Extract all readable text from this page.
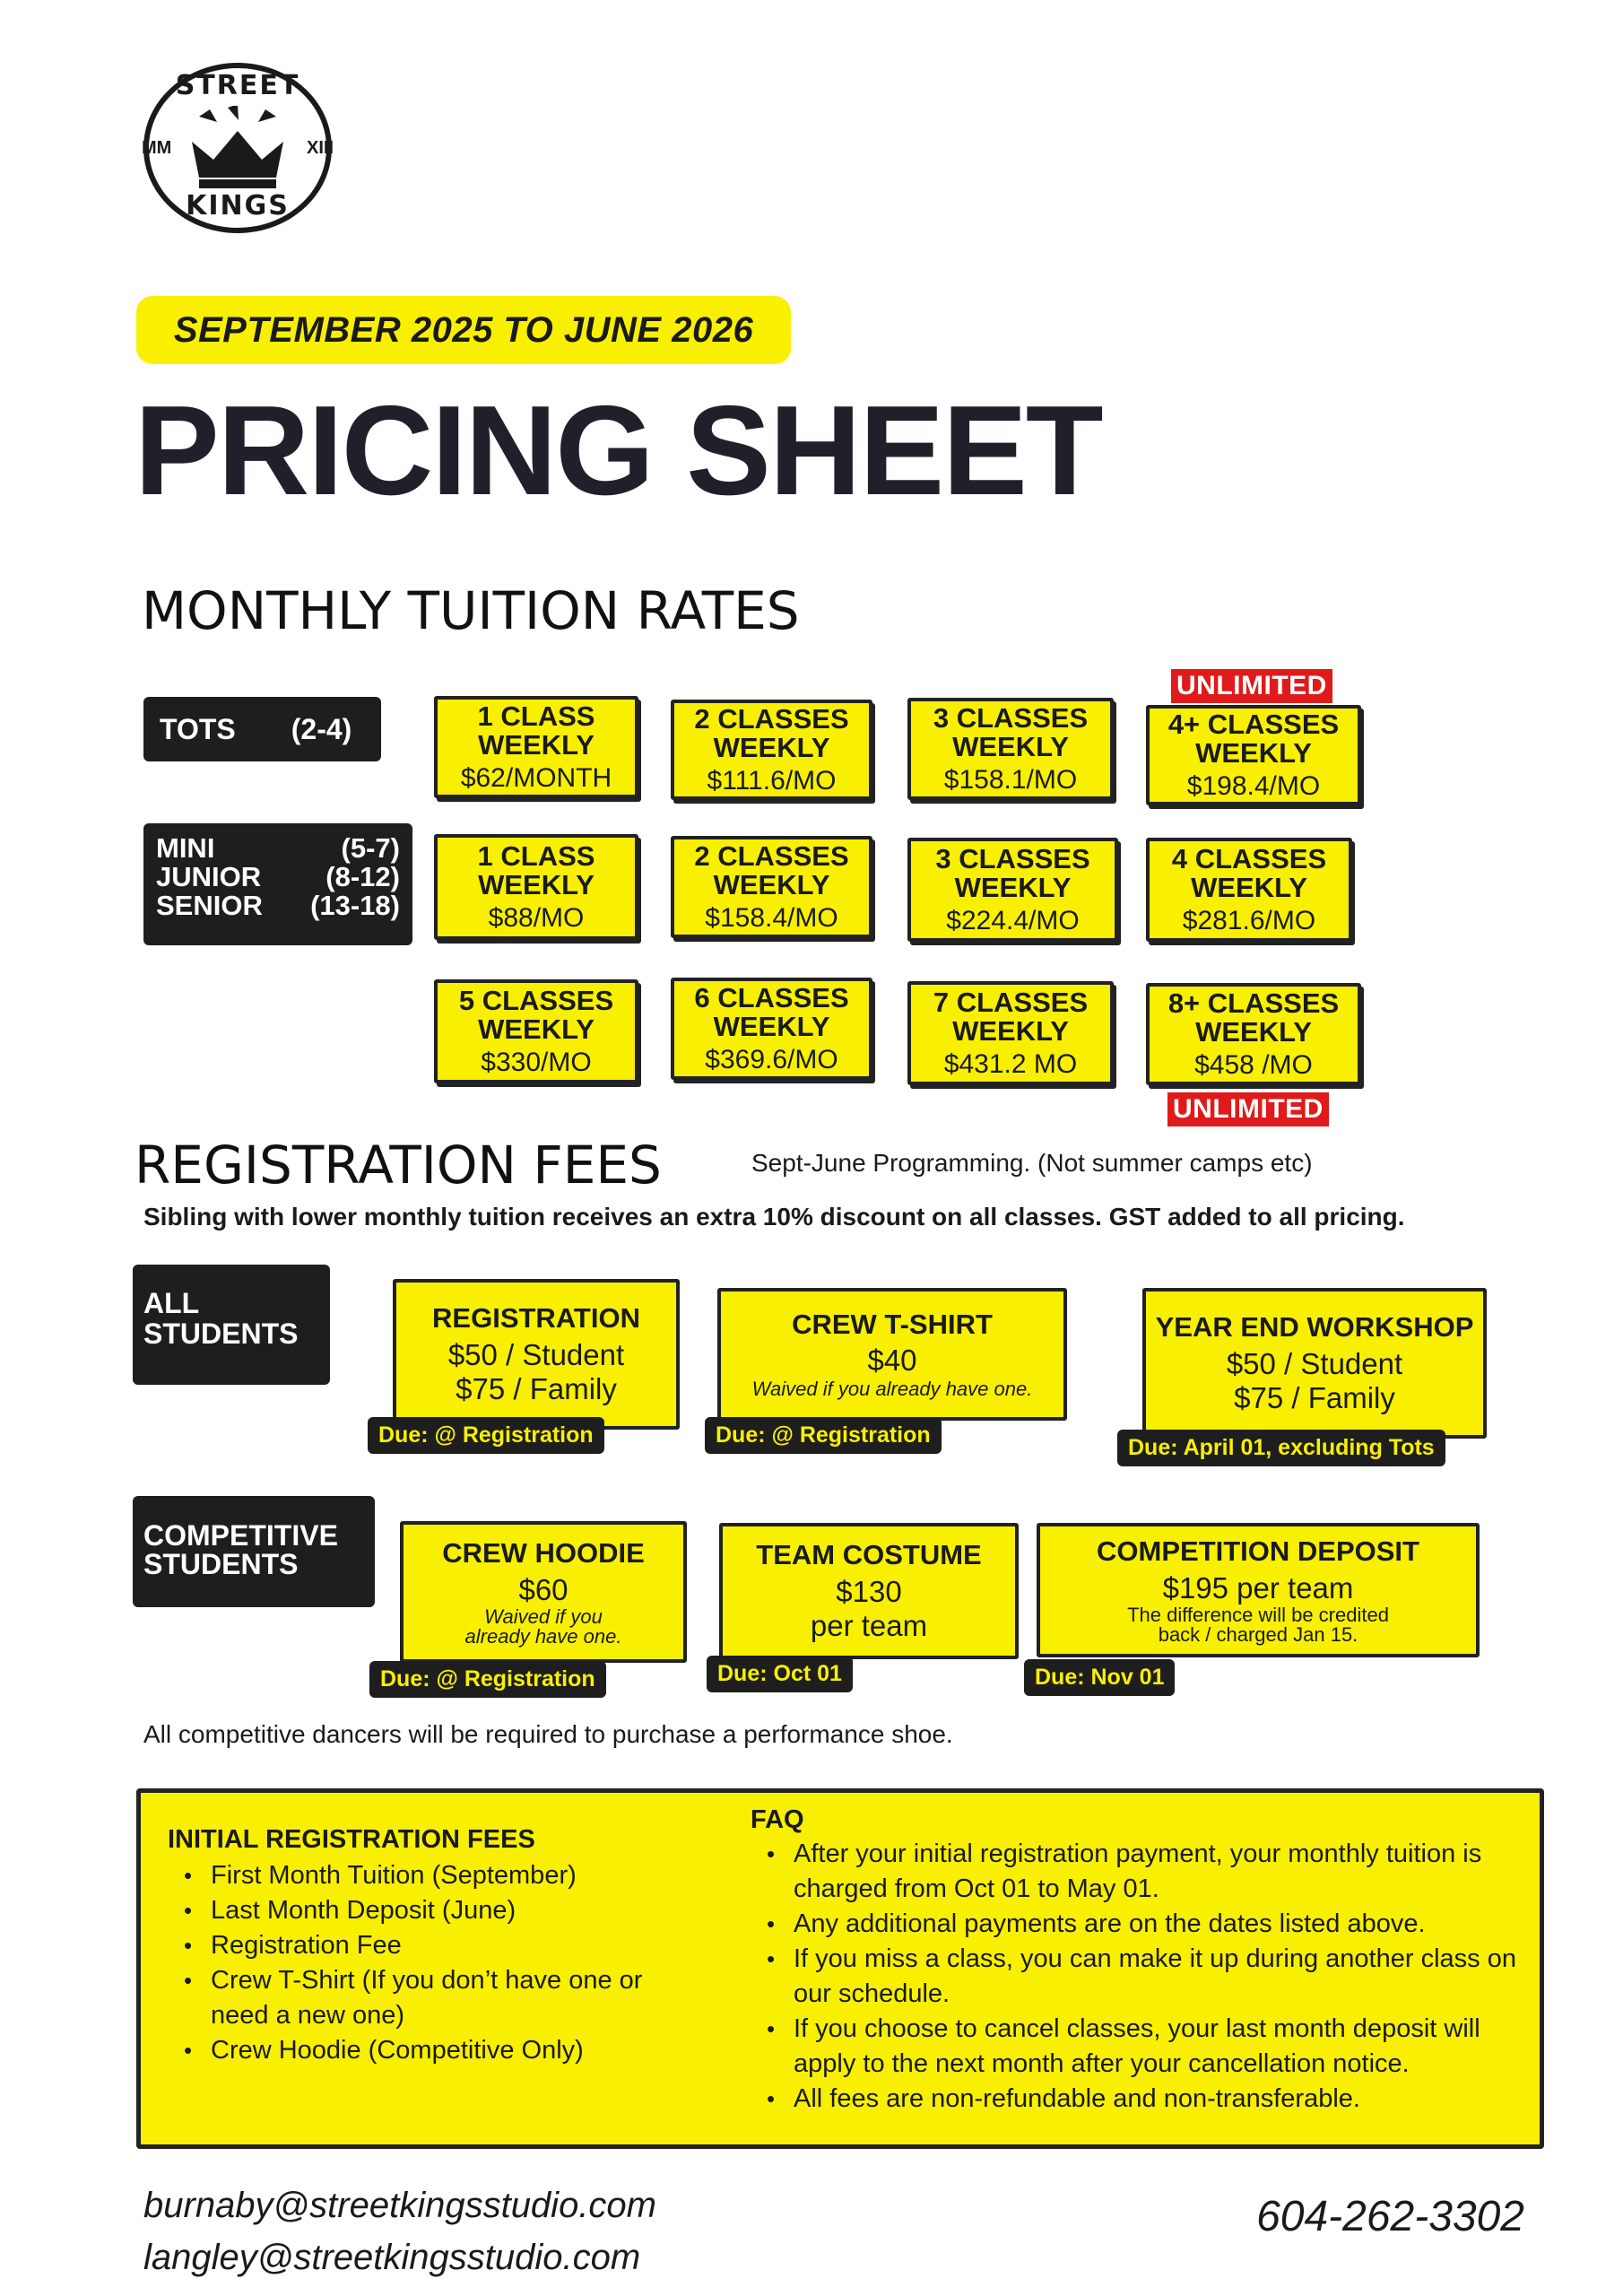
STREET
MM	XIII
KINGS
SEPTEMBER 2025 TO JUNE 2026
PRICING SHEET
MONTHLY TUITION RATES
TOTS (2-4)
MINI	(5-7)
JUNIOR (8-12)
SENIOR (13-18)
1 CLASS
WEEKLY
$62/MONTH
2 CLASSES
WEEKLY
$111.6/MO
3 CLASSES
WEEKLY
$158.1/MO
UNLIMITED
4+ CLASSES
WEEKLY
$198.4/MO
1 CLASS
WEEKLY
$88/MO
2 CLASSES
WEEKLY
$158.4/MO
3 CLASSES
WEEKLY
$224.4/MO
4 CLASSES
WEEKLY
$281.6/MO
5 CLASSES
WEEKLY
$330/MO
6 CLASSES
WEEKLY
$369.6/MO
7 CLASSES
WEEKLY
$431.2 MO
8+ CLASSES
WEEKLY
$458 /MO
UNLIMITED
REGISTRATION FEES	Sept-June Programming. (Not summer camps etc)
Sibling with lower monthly tuition receives an extra 10% discount on all classes. GST added to all pricing.
ALL
STUDENTS	REGISTRATION
$50 / Student
$75 / Family
Due: @ Registration
CREW T-SHIRT
$40
Waived if you already have one.
Due: @ Registration
YEAR END WORKSHOP
$50 / Student
$75 / Family
Due: April 01, excluding Tots
COMPETITIVE
STUDENTS	CREW HOODIE
$60
Waived if you
already have one.
Due: @ Registration
TEAM COSTUME
$130
per team
Due: Oct 01
COMPETITION DEPOSIT
$195 per team
The difference will be credited
back / charged Jan 15.
Due: Nov 01
All competitive dancers will be required to purchase a performance shoe.
INITIAL REGISTRATION FEES
• First Month Tuition (September)
• Last Month Deposit (June)
• Registration Fee
• Crew T-Shirt (If you don’t have one or need a new one)
• Crew Hoodie (Competitive Only)
FAQ
• After your initial registration payment, your monthly tuition is charged from Oct 01 to May 01.
• Any additional payments are on the dates listed above.
• If you miss a class, you can make it up during another class on our schedule.
• If you choose to cancel classes, your last month deposit will apply to the next month after your cancellation notice.
• All fees are non-refundable and non-transferable.
burnaby@streetkingsstudio.com
langley@streetkingsstudio.com
604-262-3302
